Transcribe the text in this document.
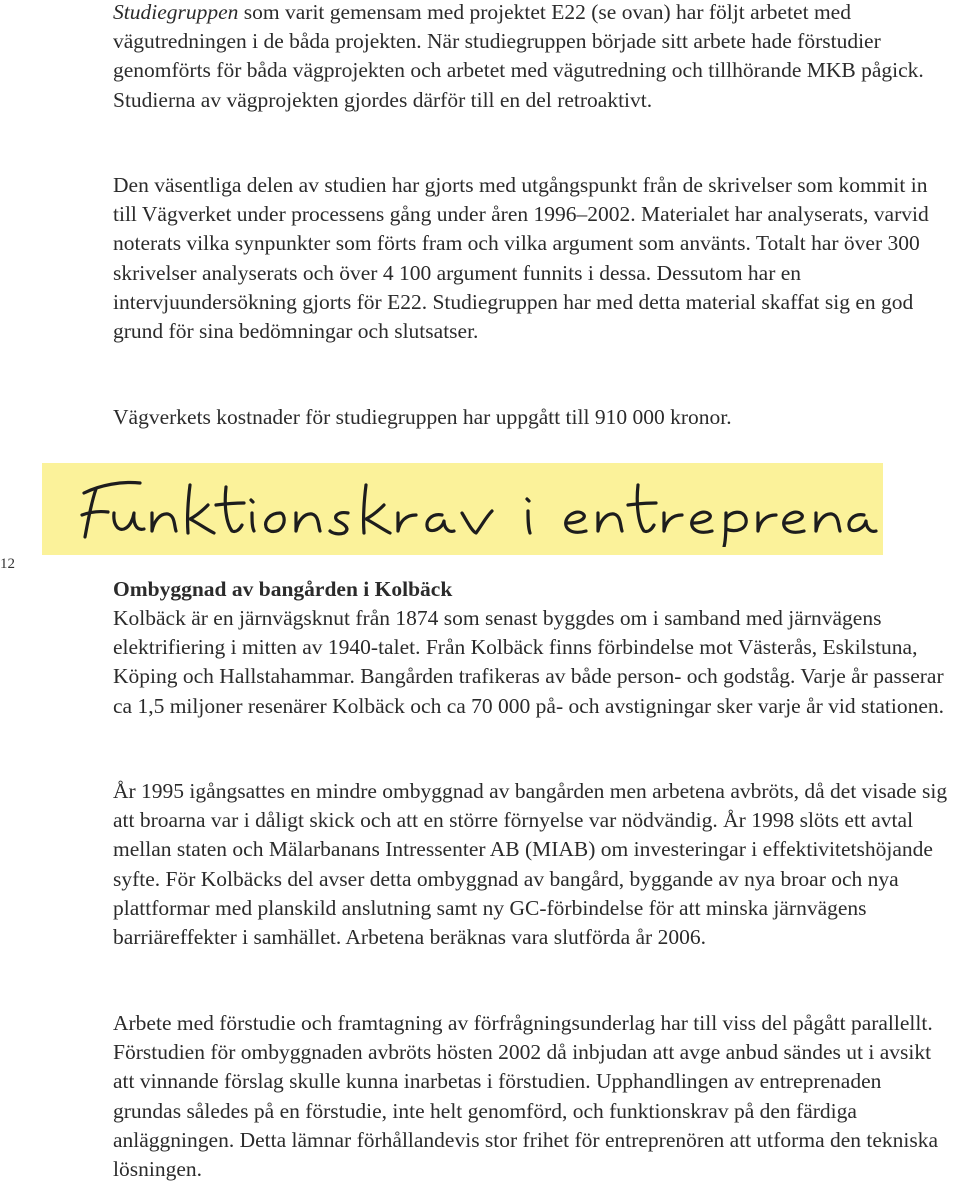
Studiegruppen som varit gemensam med projektet E22 (se ovan) har följt arbetet med vägutredningen i de båda projekten. När studiegruppen började sitt arbete hade förstudier genomförts för båda vägprojekten och arbetet med vägutredning och tillhörande MKB pågick. Studierna av vägprojekten gjordes därför till en del retroaktivt.

Den väsentliga delen av studien har gjorts med utgångspunkt från de skrivelser som kommit in till Vägverket under processens gång under åren 1996–2002. Materialet har analyserats, varvid noterats vilka synpunkter som förts fram och vilka argument som använts. Totalt har över 300 skrivelser analyserats och över 4 100 argument funnits i dessa. Dessutom har en intervjuundersökning gjorts för E22. Studiegruppen har med detta material skaffat sig en god grund för sina bedömningar och slutsatser.

Vägverkets kostnader för studiegruppen har uppgått till 910 000 kronor.

12

Ombyggnad av bangården i Kolbäck

Kolbäck är en järnvägsknut från 1874 som senast byggdes om i samband med järnvägens elektrifiering i mitten av 1940-talet. Från Kolbäck finns förbindelse mot Västerås, Eskilstuna, Köping och Hallstahammar. Bangården trafikeras av både person- och godståg. Varje år passerar ca 1,5 miljoner resenärer Kolbäck och ca 70 000 på- och avstigningar sker varje år vid stationen.

År 1995 igångsattes en mindre ombyggnad av bangården men arbetena avbröts, då det visade sig att broarna var i dåligt skick och att en större förnyelse var nödvändig. År 1998 slöts ett avtal mellan staten och Mälarbanans Intressenter AB (MIAB) om investeringar i effektivitetshöjande syfte. För Kolbäcks del avser detta ombyggnad av bangård, byggande av nya broar och nya plattformar med planskild anslutning samt ny GC-förbindelse för att minska järnvägens barriäreffekter i samhället. Arbetena beräknas vara slutförda år 2006.

Arbete med förstudie och framtagning av förfrågningsunderlag har till viss del pågått parallellt. Förstudien för ombyggnaden avbröts hösten 2002 då inbjudan att avge anbud sändes ut i avsikt att vinnande förslag skulle kunna inarbetas i förstudien. Upphandlingen av entreprenaden grundas således på en förstudie, inte helt genomförd, och funktionskrav på den färdiga anläggningen. Detta lämnar förhållandevis stor frihet för entreprenören att utforma den tekniska lösningen.
